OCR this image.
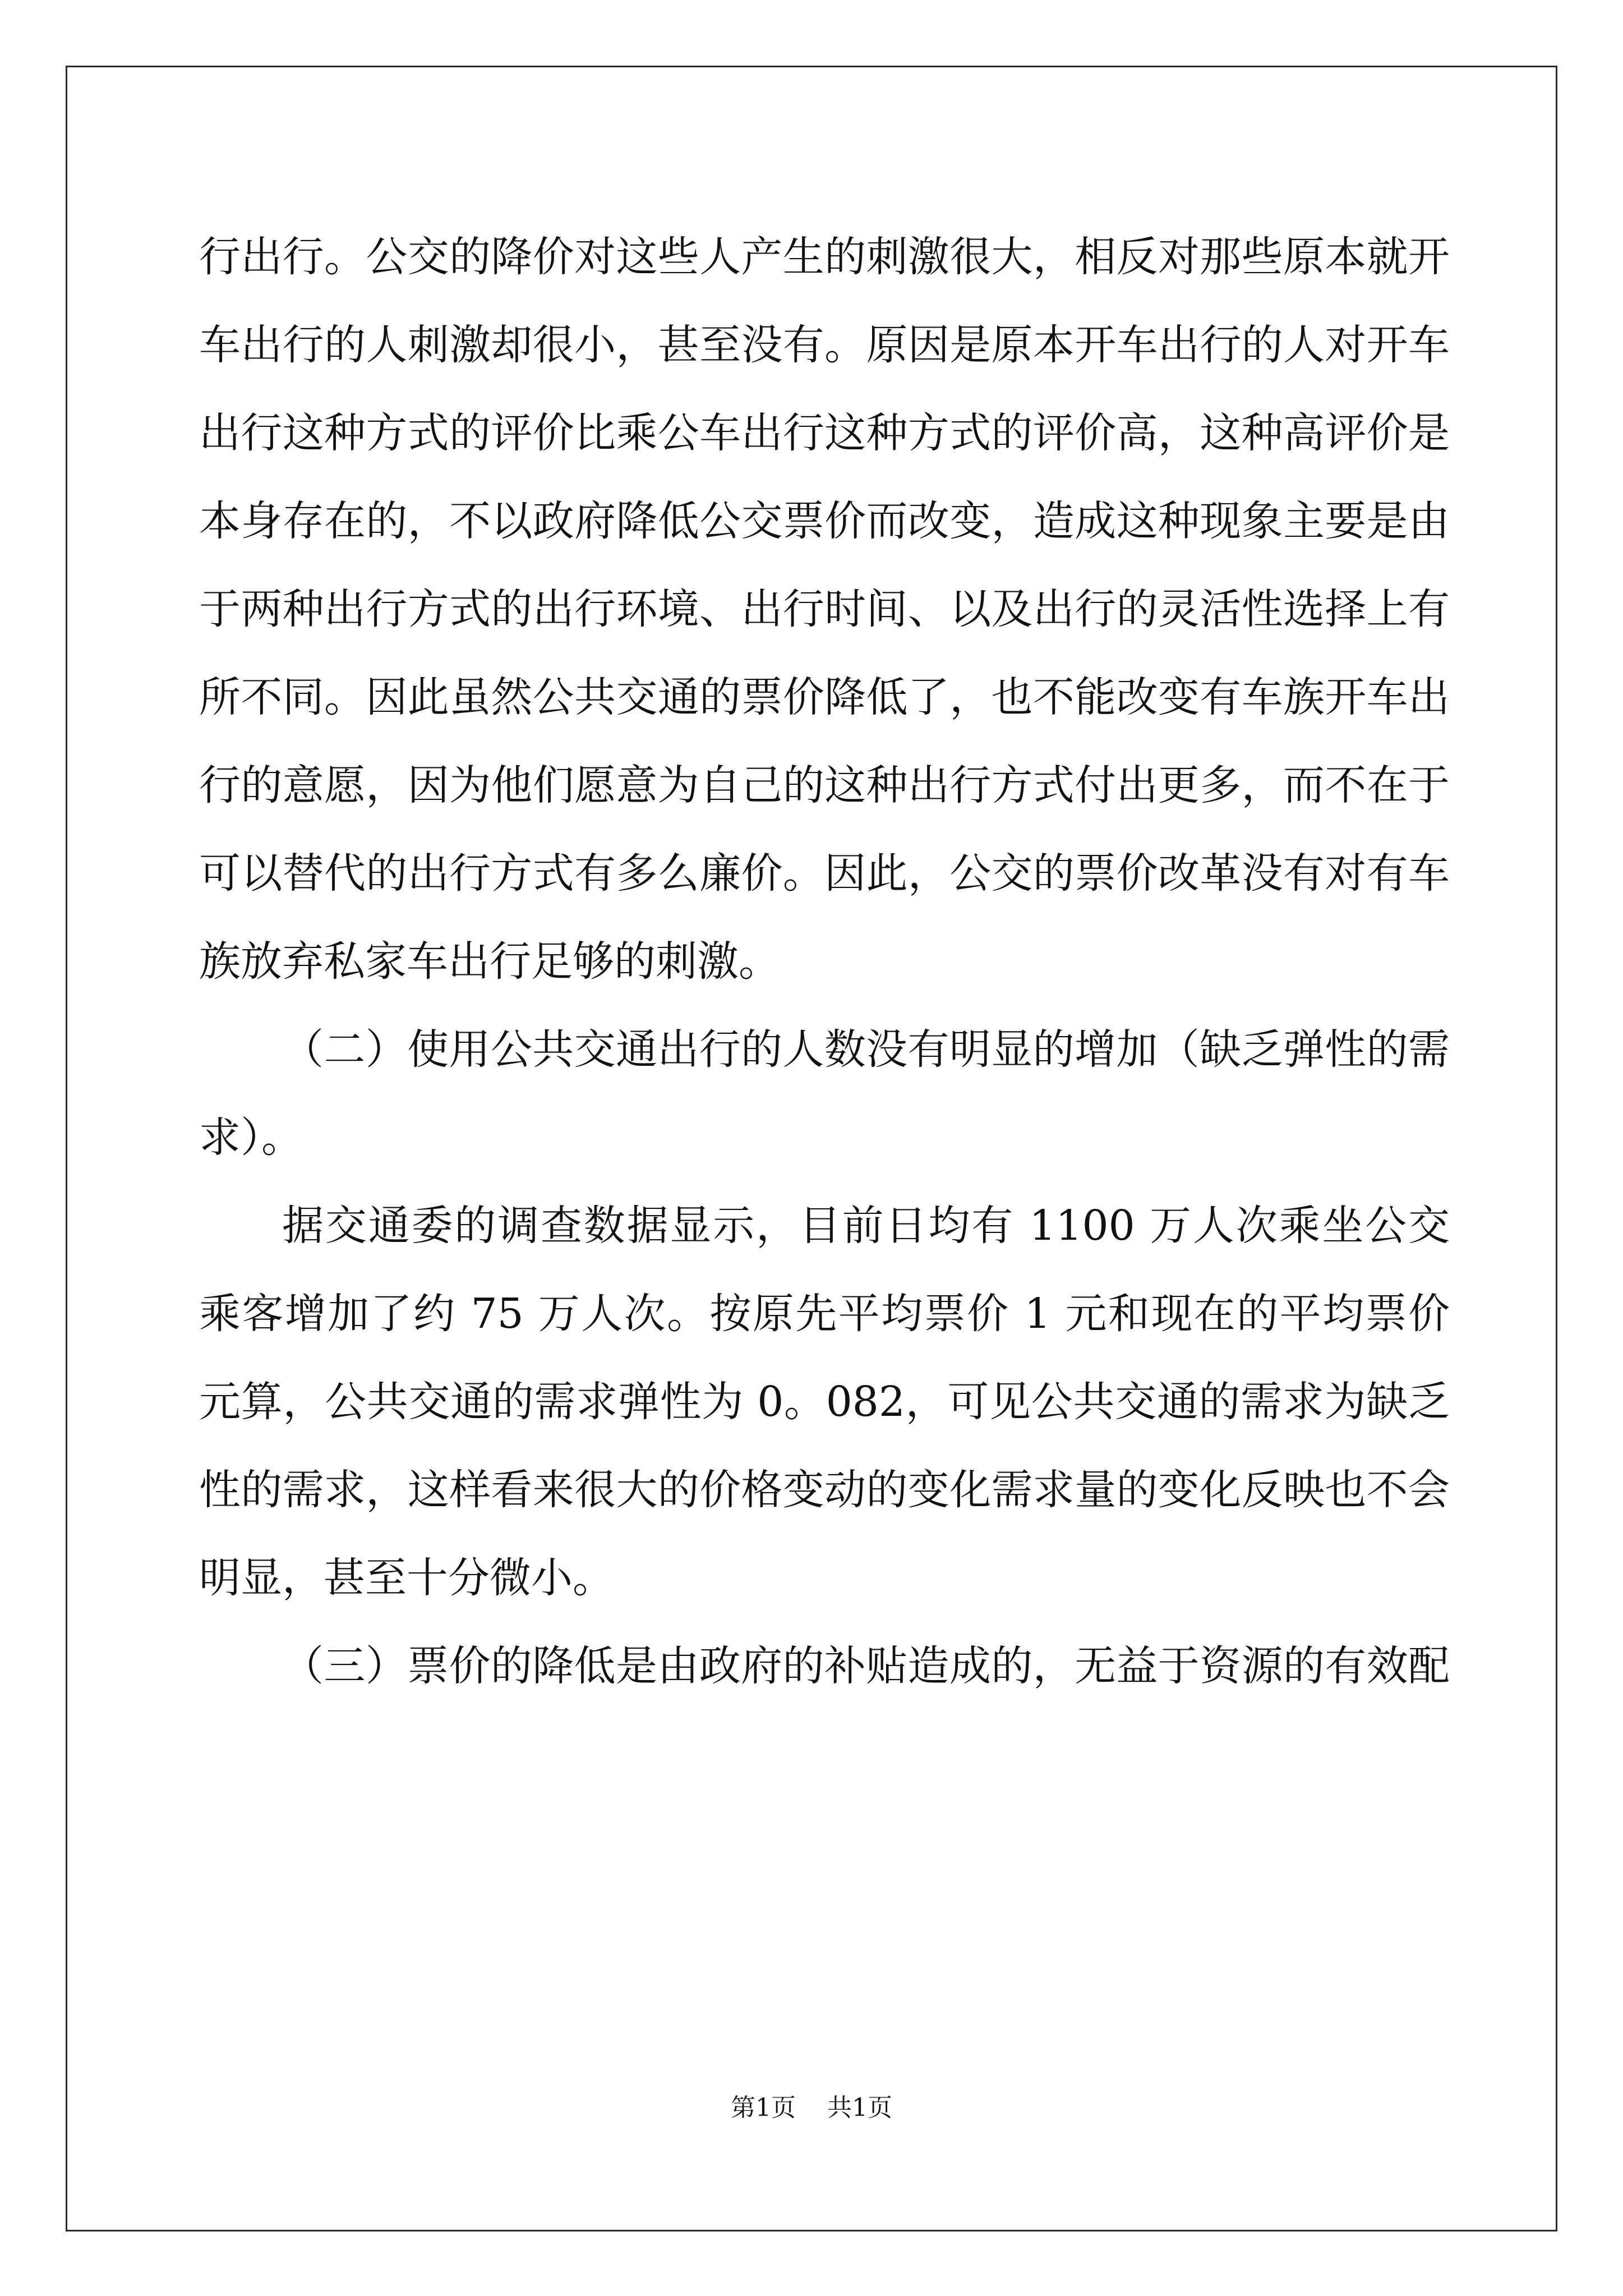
行出行。公交的降价对这些人产生的刺激很大，相反对那些原本就开
车出行的人刺激却很小，甚至没有。原因是原本开车出行的人对开车
出行这种方式的评价比乘公车出行这种方式的评价高，这种高评价是
本身存在的，不以政府降低公交票价而改变，造成这种现象主要是由
于两种出行方式的出行环境、出行时间、以及出行的灵活性选择上有
所不同。因此虽然公共交通的票价降低了，也不能改变有车族开车出
行的意愿，因为他们愿意为自己的这种出行方式付出更多，而不在于
可以替代的出行方式有多么廉价。因此，公交的票价改革没有对有车
族放弃私家车出行足够的刺激。
（二）使用公共交通出行的人数没有明显的增加（缺乏弹性的需
求）。
据交通委的调查数据显示，目前日均有 1100 万人次乘坐公交
乘客增加了约 75 万人次。按原先平均票价 1 元和现在的平均票价
元算，公共交通的需求弹性为 0。082，可见公共交通的需求为缺乏
性的需求，这样看来很大的价格变动的变化需求量的变化反映也不会
明显，甚至十分微小。
（三）票价的降低是由政府的补贴造成的，无益于资源的有效配
第1页 共1页
